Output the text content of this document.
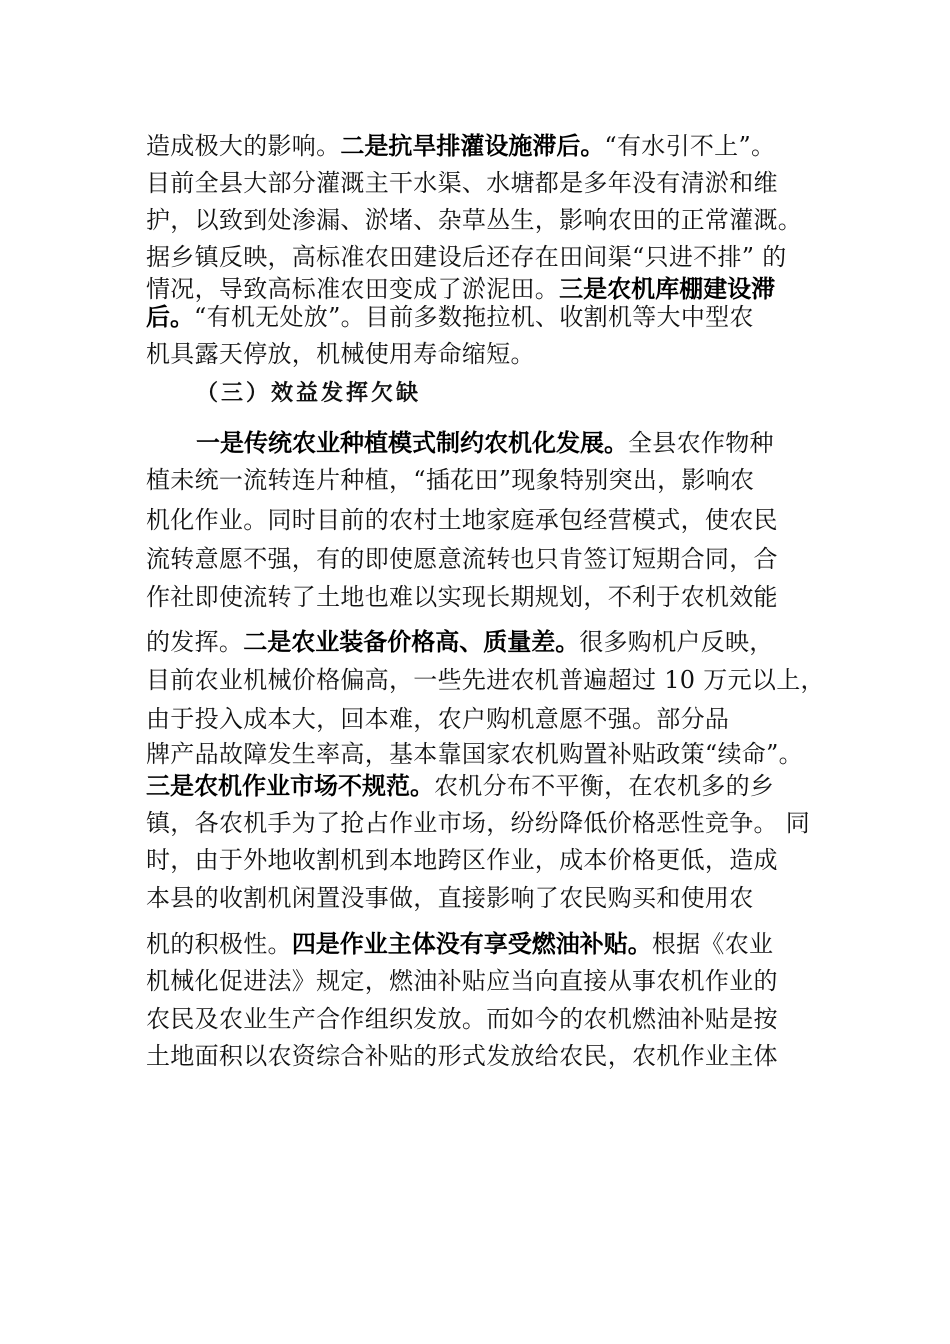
造成极大的影响。二是抗旱排灌设施滞后。“有水引不上”。
目前全县大部分灌溉主干水渠、水塘都是多年没有清淤和维
护，以致到处渗漏、淤堵、杂草丛生，影响农田的正常灌溉。
据乡镇反映，高标准农田建设后还存在田间渠“只进不排” 的
情况，导致高标准农田变成了淤泥田。三是农机库棚建设滞
后。“有机无处放”。目前多数拖拉机、收割机等大中型农
机具露天停放，机械使用寿命缩短。
（三）效益发挥欠缺
一是传统农业种植模式制约农机化发展。全县农作物种
植未统一流转连片种植，“插花田”现象特别突出，影响农
机化作业。同时目前的农村土地家庭承包经营模式，使农民
流转意愿不强，有的即使愿意流转也只肯签订短期合同，合
作社即使流转了土地也难以实现长期规划，不利于农机效能
的发挥。二是农业装备价格高、质量差。很多购机户反映，
目前农业机械价格偏高，一些先进农机普遍超过 10 万元以上，
由于投入成本大，回本难，农户购机意愿不强。部分品
牌产品故障发生率高，基本靠国家农机购置补贴政策“续命”。
三是农机作业市场不规范。农机分布不平衡，在农机多的乡
镇，各农机手为了抢占作业市场，纷纷降低价格恶性竞争。 同
时，由于外地收割机到本地跨区作业，成本价格更低，造成
本县的收割机闲置没事做，直接影响了农民购买和使用农
机的积极性。四是作业主体没有享受燃油补贴。根据《农业
机械化促进法》规定，燃油补贴应当向直接从事农机作业的
农民及农业生产合作组织发放。而如今的农机燃油补贴是按
土地面积以农资综合补贴的形式发放给农民，农机作业主体
